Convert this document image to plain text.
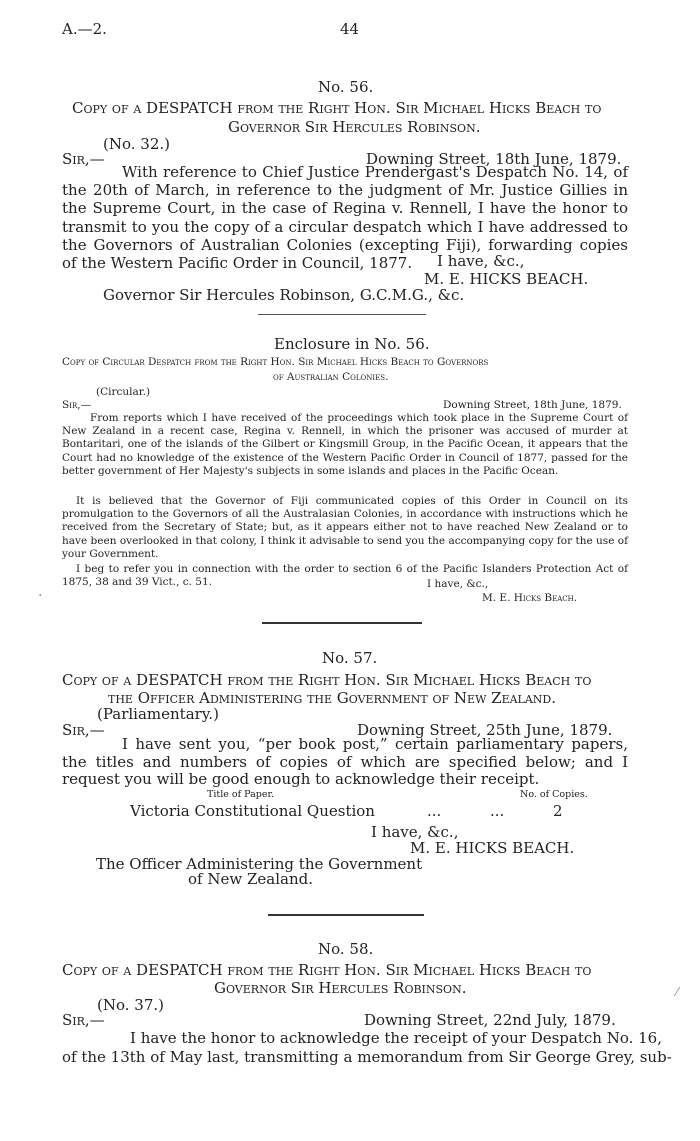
A.—2.	44
No. 56.
Copy of a DESPATCH from the Right Hon. Sir Michael Hicks Beach to
Governor Sir Hercules Robinson.
(No. 32.)
Sir,—	Downing Street, 18th June, 1879.

With reference to Chief Justice Prendergast's Despatch No. 14, of the 20th of March, in reference to the judgment of Mr. Justice Gillies in the Supreme Court, in the case of Regina v. Rennell, I have the honor to transmit to you the copy of a circular despatch which I have addressed to the Governors of Australian Colonies (excepting Fiji), forwarding copies of the Western Pacific Order in Council, 1877.	I have, &c.,
M. E. HICKS BEACH.
Governor Sir Hercules Robinson, G.C.M.G., &c.
Enclosure in No. 56.
Copy of Circular Despatch from the Right Hon. Sir Michael Hicks Beach to Governors
of Australian Colonies.
(Circular.)
Sir,—	Downing Street, 18th June, 1879.

From reports which I have received of the proceedings which took place in the Supreme Court of New Zealand in a recent case, Regina v. Rennell, in which the prisoner was accused of murder at Bontaritari, one of the islands of the Gilbert or Kingsmill Group, in the Pacific Ocean, it appears that the Court had no knowledge of the existence of the Western Pacific Order in Council of 1877, passed for the better government of Her Majesty's subjects in some islands and places in the Pacific Ocean.

It is believed that the Governor of Fiji communicated copies of this Order in Council on its promulgation to the Governors of all the Australasian Colonies, in accordance with instructions which he received from the Secretary of State; but, as it appears either not to have reached New Zealand or to have been overlooked in that colony, I think it advisable to send you the accompanying copy for the use of your Government.

I beg to refer you in connection with the order to section 6 of the Pacific Islanders Protection Act of 1875, 38 and 39 Vict., c. 51.	I have, &c.,
M. E. Hicks Beach.
·
No. 57.
Copy of a DESPATCH from the Right Hon. Sir Michael Hicks Beach to
the Officer Administering the Government of New Zealand.
(Parliamentary.)
Sir,—	Downing Street, 25th June, 1879.

I have sent you, “per book post,” certain parliamentary papers, the titles and numbers of copies of which are specified below; and I request you will be good enough to acknowledge their receipt.

Title of Paper.	No. of Copies.
Victoria Constitutional Question	...	...	2
I have, &c.,
M. E. HICKS BEACH.
The Officer Administering the Government
of New Zealand.
No. 58.
Copy of a DESPATCH from the Right Hon. Sir Michael Hicks Beach to
Governor Sir Hercules Robinson.
(No. 37.)
Sir,—	Downing Street, 22nd July, 1879.
I have the honor to acknowledge the receipt of your Despatch No. 16,
of the 13th of May last, transmitting a memorandum from Sir George Grey, sub-
⁄
